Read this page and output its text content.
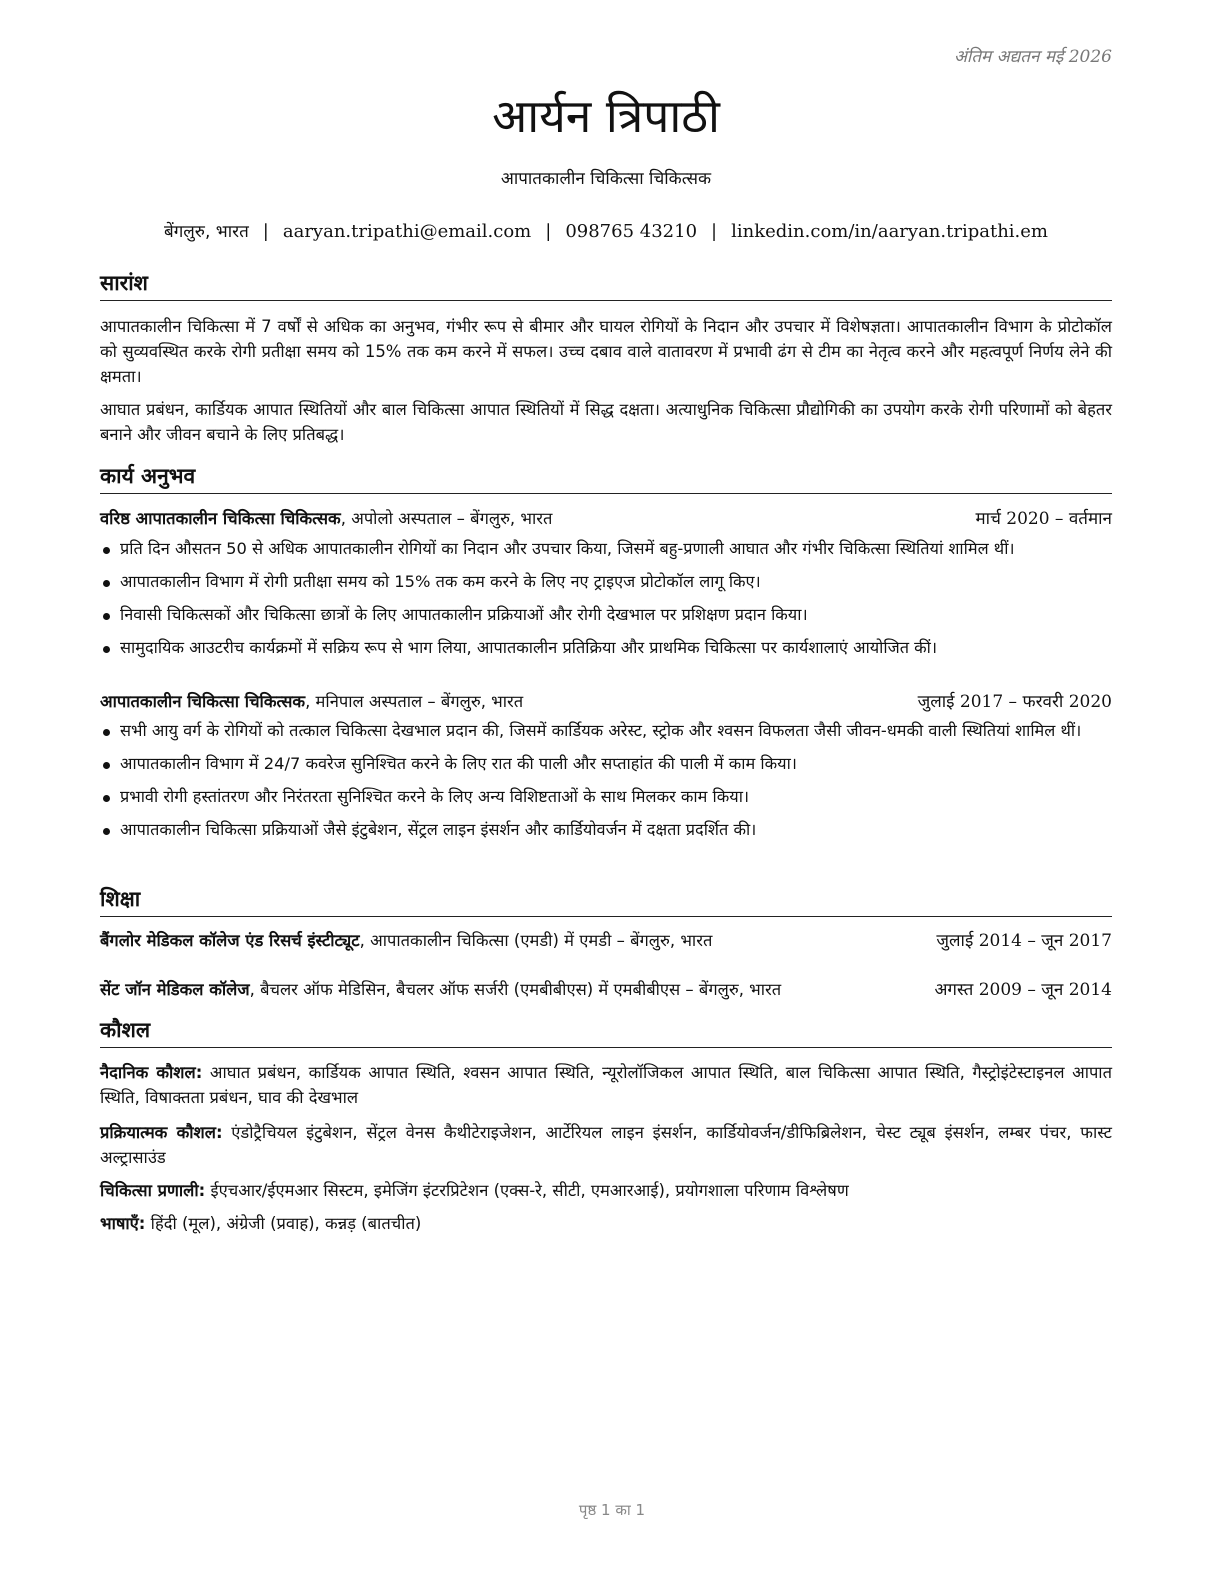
अंतिम अद्यतन मई 2026
आर्यन त्रिपाठी
आपातकालीन चिकित्सा चिकित्सक
बेंगलुरु, भारत | aaryan.tripathi@email.com | 098765 43210 | linkedin.com/in/aaryan.tripathi.em
सारांश

आपातकालीन चिकित्सा में 7 वर्षों से अधिक का अनुभव, गंभीर रूप से बीमार और घायल रोगियों के निदान और उपचार में विशेषज्ञता। आपातकालीन विभाग के प्रोटोकॉल को सुव्यवस्थित करके रोगी प्रतीक्षा समय को 15% तक कम करने में सफल। उच्च दबाव वाले वातावरण में प्रभावी ढंग से टीम का नेतृत्व करने और महत्वपूर्ण निर्णय लेने की क्षमता।

आघात प्रबंधन, कार्डियक आपात स्थितियों और बाल चिकित्सा आपात स्थितियों में सिद्ध दक्षता। अत्याधुनिक चिकित्सा प्रौद्योगिकी का उपयोग करके रोगी परिणामों को बेहतर बनाने और जीवन बचाने के लिए प्रतिबद्ध।

कार्य अनुभव
वरिष्ठ आपातकालीन चिकित्सा चिकित्सक, अपोलो अस्पताल – बेंगलुरु, भारत	मार्च 2020 – वर्तमान
प्रति दिन औसतन 50 से अधिक आपातकालीन रोगियों का निदान और उपचार किया, जिसमें बहु-प्रणाली आघात और गंभीर चिकित्सा स्थितियां शामिल थीं।
आपातकालीन विभाग में रोगी प्रतीक्षा समय को 15% तक कम करने के लिए नए ट्राइएज प्रोटोकॉल लागू किए।
निवासी चिकित्सकों और चिकित्सा छात्रों के लिए आपातकालीन प्रक्रियाओं और रोगी देखभाल पर प्रशिक्षण प्रदान किया।
सामुदायिक आउटरीच कार्यक्रमों में सक्रिय रूप से भाग लिया, आपातकालीन प्रतिक्रिया और प्राथमिक चिकित्सा पर कार्यशालाएं आयोजित कीं।
आपातकालीन चिकित्सा चिकित्सक, मनिपाल अस्पताल – बेंगलुरु, भारत	जुलाई 2017 – फरवरी 2020
सभी आयु वर्ग के रोगियों को तत्काल चिकित्सा देखभाल प्रदान की, जिसमें कार्डियक अरेस्ट, स्ट्रोक और श्वसन विफलता जैसी जीवन-धमकी वाली स्थितियां शामिल थीं।
आपातकालीन विभाग में 24/7 कवरेज सुनिश्चित करने के लिए रात की पाली और सप्ताहांत की पाली में काम किया।
प्रभावी रोगी हस्तांतरण और निरंतरता सुनिश्चित करने के लिए अन्य विशिष्टताओं के साथ मिलकर काम किया।
आपातकालीन चिकित्सा प्रक्रियाओं जैसे इंटुबेशन, सेंट्रल लाइन इंसर्शन और कार्डियोवर्जन में दक्षता प्रदर्शित की।
शिक्षा
बैंगलोर मेडिकल कॉलेज एंड रिसर्च इंस्टीट्यूट, आपातकालीन चिकित्सा (एमडी) में एमडी – बेंगलुरु, भारत	जुलाई 2014 – जून 2017
सेंट जॉन मेडिकल कॉलेज, बैचलर ऑफ मेडिसिन, बैचलर ऑफ सर्जरी (एमबीबीएस) में एमबीबीएस – बेंगलुरु, भारत	अगस्त 2009 – जून 2014
कौशल

नैदानिक कौशल: आघात प्रबंधन, कार्डियक आपात स्थिति, श्वसन आपात स्थिति, न्यूरोलॉजिकल आपात स्थिति, बाल चिकित्सा आपात स्थिति, गैस्ट्रोइंटेस्टाइनल आपात स्थिति, विषाक्तता प्रबंधन, घाव की देखभाल

प्रक्रियात्मक कौशल: एंडोट्रैचियल इंटुबेशन, सेंट्रल वेनस कैथीटेराइजेशन, आर्टेरियल लाइन इंसर्शन, कार्डियोवर्जन/डीफिब्रिलेशन, चेस्ट ट्यूब इंसर्शन, लम्बर पंचर, फास्ट अल्ट्रासाउंड

चिकित्सा प्रणाली: ईएचआर/ईएमआर सिस्टम, इमेजिंग इंटरप्रिटेशन (एक्स-रे, सीटी, एमआरआई), प्रयोगशाला परिणाम विश्लेषण

भाषाएँ: हिंदी (मूल), अंग्रेजी (प्रवाह), कन्नड़ (बातचीत)

पृष्ठ 1 का 1
